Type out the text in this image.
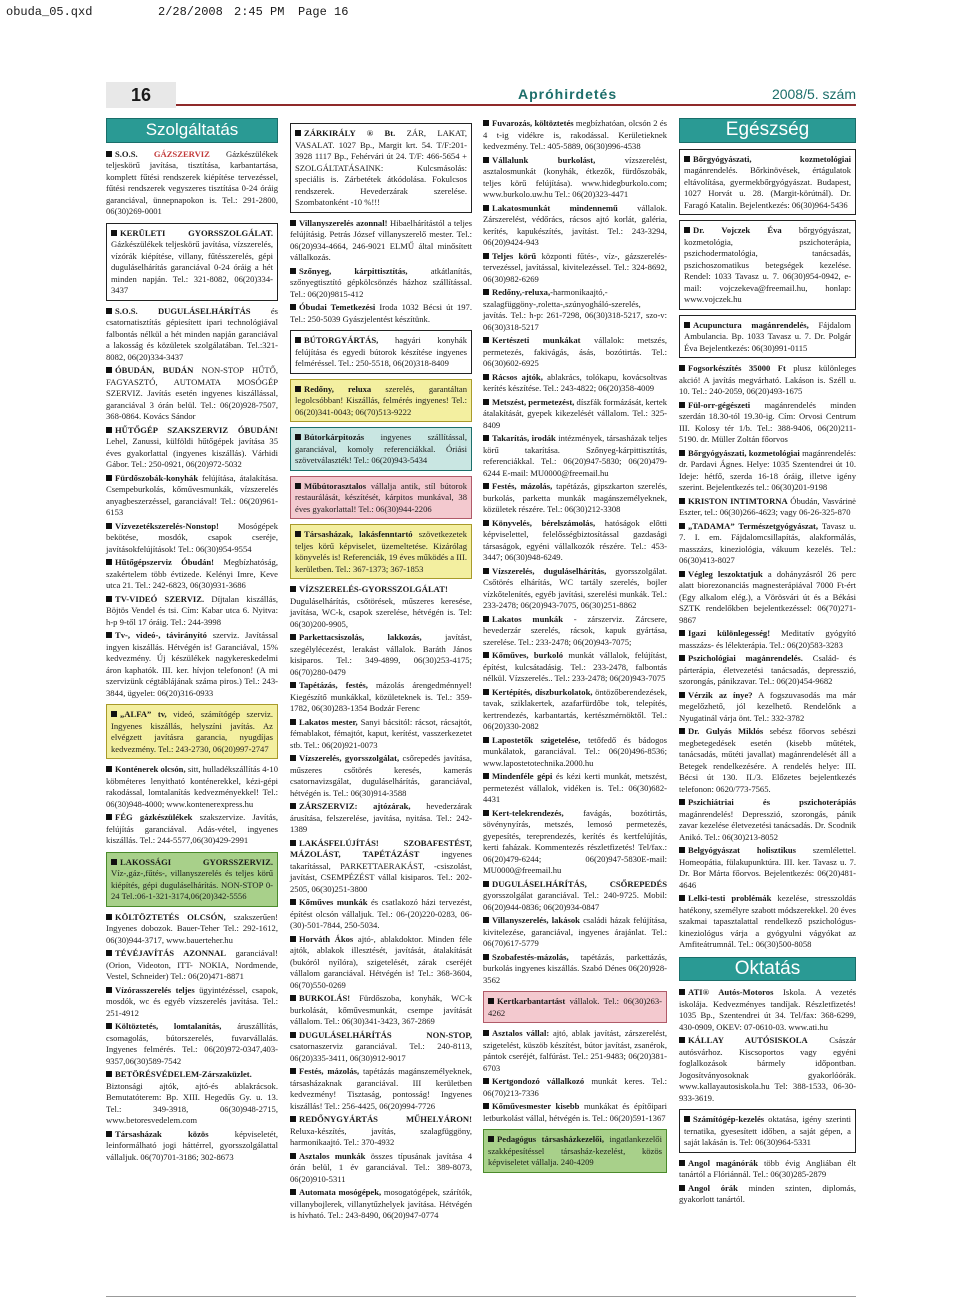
obuda_05.qxd	2/28/2008 2:45 PM Page 16
16	Apróhirdetés	2008/5. szám
Szolgáltatás
S.O.S. GÁZSZERVIZ Gázkészülékek teljeskörű javítása, tisztítása, karbantartása, komplett fűtési rendszerek kiépítése tervezéssel, fűtési rendszerek vegyszeres tisztítása 0-24 óráig garanciával, ünnepnapokon is. Tel.: 291-2800, 06(30)269-0001
KERÜLETI GYORSSZOLGÁLAT. Gázkészülékek teljeskörű javítása, vízszerelés, vízórák kiépítése, villany, fűtésszerelés, gépi duguláselhárítás garanciával 0-24 óráig a hét minden napján. Tel.: 321-8082, 06(20)334-3437
S.O.S. DUGULÁSELHÁRÍTÁS és csatornatisztítás gépiesített ipari technológiával falbontás nélkül a hét minden napján garanciával a lakosság és közületek szolgálatában. Tel.:321-8082, 06(20)334-3437
ÓBUDÁN, BUDÁN NON-STOP HŰTŐ, FAGYASZTÓ, AUTOMATA MOSÓGÉP SZERVIZ. Javítás esetén ingyenes kiszállással, garanciával 3 órán belül. Tel.: 06(20)928-7507, 368-0864. Kovács Sándor
HŰTŐGÉP SZAKSZERVIZ ÓBUDÁN! Lehel, Zanussi, külföldi hűtőgépek javítása 35 éves gyakorlattal (ingyenes kiszállás). Várhidi Gábor. Tel.: 250-0921, 06(20)972-5032
Fürdőszobák-konyhák felújítása, átalakítása. Csempeburkolás, kőművesmunkák, vízszerelés anyagbeszerzéssel, garanciával! Tel.: 06(20)961-6153
Vízvezetékszerelés-Nonstop! Mosógépek bekötése, mosdók, csapok cseréje, javításokfelújítások! Tel.: 06(30)954-9554
Hűtőgépszerviz Óbudán! Megbízhatóság, szakértelem több évtizede. Kelényi Imre, Keve utca 21. Tel.: 242-6823, 06(30)931-3686
TV-VIDEÓ SZERVIZ. Díjtalan kiszállás, Böjtös Vendel és tsi. Cím: Kabar utca 6. Nyitva: h-p 9-től 17 óráig. Tel.: 244-3998
Tv-, videó-, távirányító szerviz. Javítással ingyen kiszállás. Hétvégén is! Garanciával, 15% kedvezmény. Új készülékek nagykereskedelmi áron kaphatók. III. ker. hívjon telefonon! (A mi szervizünk cégtáblájának száma piros.) Tel.: 243-3844, ügyelet: 06(20)316-0933
„ALFA” tv, videó, számítógép szerviz. Ingyenes kiszállás, helyszíni javítás. Az elvégzett javításra garancia, nyugdíjas kedvezmény. Tel.: 243-2730, 06(20)997-2747
Konténerek olcsón, sitt, hulladékszállítás 4-10 köbméteres lenyitható konténerekkel, kézi-gépi rakodással, lomtalanítás kedvezményekkel! Tel.: 06(30)948-4000; www.kontenerexpress.hu
FÉG gázkészülékek szakszervize. Javítás, felújítás garanciával. Adás-vétel, ingyenes kiszállás. Tel.: 244-5577,06(30)429-2991
LAKOSSÁGI GYORSSZERVIZ. Víz-,gáz-,fűtés-, villanyszerelés és teljes körű kiépítés, gépi duguláselhárítás. NON-STOP 0-24 Tel.:06-1-321-3174,06(20)342-5556
KÖLTÖZTETÉS OLCSÓN, szakszerűen! Ingyenes dobozok. Bauer-Teher Tel.: 292-1612, 06(30)944-3717, www.bauerteher.hu
TÉVÉJAVÍTÁS AZONNAL garanciával! (Orion, Videoton, ITT- NOKIA, Nordmende, Vestel, Schneider) Tel.: 06(20)471-8871
Vízórasszerelés teljes ügyintézéssel, csapok, mosdók, wc és egyéb vízszerelés javítása. Tel.: 251-4912
Költöztetés, lomtalanítás, áruszállítás, csomagolás, bútorszerelés, fuvarvállalás. Ingyenes felmérés. Tel.: 06(20)972-0347,403-9357,06(30)589-7542
BETÖRÉSVÉDELEM-Zárszaküzlet. Biztonsági ajtók, ajtó-és ablakrácsok. Bemutatóterem: Bp. XIII. Hegedűs Gy. u. 13. Tel.: 349-3918, 06(30)948-2715, www.betoresvedelem.com
Társasházak közös képviseletét, leinformálható jogi háttérrel, gyorsszolgálattal vállaljuk. 06(70)701-3186; 302-8673
ZÁRKIRÁLY ® Bt. ZÁR, LAKAT, VASALAT. 1027 Bp., Margit krt. 54. T/F:201-3928 1117 Bp., Fehérvári út 24. T/F: 466-5654 + SZOLGÁLTATÁSAINK: Kulcsmásolás: speciális is. Zárbetétek átkódolása. Fokulcsos rendszerek. Hevederzárak szerelése. Szombatonként -10 %!!!
Villanyszerelés azonnal! Hibaelhárítástól a teljes felújításig. Petrás József villanyszerelő mester. Tel.: 06(20)934-4664, 246-9021 ELMŰ által minősített vállalkozás.
Szőnyeg, kárpittisztítás, atkátlanítás, szőnyegtisztító gépkölcsönzés házhoz szállítással. Tel.: 06(20)9815-412
Óbudai Temetkezési Iroda 1032 Bécsi út 197. Tel.: 250-5039 Gyászjelentést készítünk.
BÚTORGYÁRTÁS, hagyári konyhák felújítása és egyedi bútorok készítése ingyenes felméréssel. Tel.: 250-5518, 06(20)318-8409
Redőny, reluxa szerelés, garantáltan legolcsóbban! Kiszállás, felmérés ingyenes! Tel.: 06(20)341-0043; 06(70)513-9222
Bútorkárpitozás ingyenes szállítással, garanciával, komoly referenciákkal. Óriási szövetválaszték! Tel.: 06(20)943-5434
Műbútorasztalos vállalja antik, stíl bútorok restaurálását, készítését, kárpitos munkával, 38 éves gyakorlattal! Tel.: 06(30)944-2206
Társasházak, lakásfenntartó szövetkezetek teljes körű képviselet, üzemeltetése. Kizárólag könyvelés is! Referenciák, 19 éves működés a III. kerületben. Tel.: 367-1373; 367-1853
VÍZSZERELÉS-GYORSSZOLGÁLAT! Duguláselhárítás, csőtörések, műszeres keresése, javítása, WC-k, csapok szerelése, hétvégén is. Tel: 06(30)200-9905,
Parkettacsiszolás, lakkozás, javítást, szegélylécezést, lerakást vállalok. Baráth János kisiparos. Tel.: 349-4899, 06(30)253-4175; 06(70)280-0479
Tapétázás, festés, mázolás árengedménnyel! Kiegészítő munkákkal, közületeknek is. Tel.: 359-1782, 06(30)283-1354 Bodzár Ferenc
Lakatos mester, Sanyi bácsitól: rácsot, rácsajtót, fémablakot, fémajtót, kaput, kerítést, vasszerkezetet stb. Tel.: 06(20)921-0073
Vízszerelés, gyorsszolgálat, csőrepedés javítása, műszeres csőtörés keresés, kamerás csatornavizsgálat, duguláselhárítás, garanciával, hétvégén is. Tel.: 06(30)914-3588
ZÁRSZERVIZ: ajtózárak, hevederzárak árusítása, felszerelése, javítása, nyitása. Tel.: 242-1389
LAKÁSFELÚJÍTÁS! SZOBAFESTÉST, MÁZOLÁST, TAPÉTÁZÁST ingyenes takarítással, PARKETTAERAKÁST, -csiszolást, javítást, CSEMPÉZÉST vállal kisiparos. Tel.: 202-2505, 06(30)251-3800
Kőműves munkák és csatlakozó házi tervezést, építést olcsón vállaljuk. Tel.: 06-(20)220-0283, 06-(30)-501-7844, 250-5034.
Horváth Ákos ajtó-, ablakdoktor. Minden féle ajtók, ablakok illesztését, javítását, átalakítását (bukóról nyílóra), szigetelését, zárak cseréjét vállalom garanciával. Hétvégén is! Tel.: 368-3604, 06(70)550-0269
BURKOLÁS! Fürdőszoba, konyhák, WC-k burkolását, kőművesmunkát, csempe javítását vállalom. Tel.: 06(30)341-3423, 367-2869
DUGULÁSELHÁRÍTÁS NON-STOP, csatornaszerviz garanciával. Tel.: 240-8113, 06(20)335-3411, 06(30)912-9017
Festés, mázolás, tapétázás magánszemélyeknek, társasházaknak garanciával. III kerületben kedvezmény! Tisztaság, pontosság! Ingyenes kiszállás! Tel.: 256-4425, 06(20)994-7726
REDŐNYGYÁRTÁS MŰHELYÁRON! Reluxa-készítés, javítás, szalagfüggöny, harmonikaajtó. Tel.: 370-4932
Asztalos munkák összes típusának javítása 4 órán belül, 1 év garanciával. Tel.: 389-8073, 06(20)910-5311
Automata mosógépek, mosogatógépek, szárítók, villanybojlerek, villanytűzhelyek javítása. Hétvégén is hívható. Tel.: 243-8490, 06(20)947-0774
Fuvarozás, költöztetés megbízhatóan, olcsón 2 és 4 t-ig vidékre is, rakodással. Kerületieknek kedvezmény. Tel.: 405-5889, 06(30)996-4538
Vállalunk burkolást, vízszerelést, asztalosmunkát (konyhák, étkezők, fürdőszobák, teljes körű felújítása). www.hidegburkolo.com; www.burkolo.uw.hu Tel.: 06(20)323-4471
Lakatosmunkát mindennemű vállalok. Zárszerelést, védőrács, rácsos ajtó korlát, galéria, kerítés, kapukészítés, javítást. Tel.: 243-3294, 06(20)9424-943
Teljes körű központi fűtés-, víz-, gázszerelés-tervezéssel, javítással, kivitelezéssel. Tel.: 324-8692, 06(30)982-6269
Redőny,-reluxa,-harmonikaajtó,-szalagfüggöny-,roletta-,szúnyogháló-szerelés, javítás. Tel.: h-p: 261-7298, 06(30)318-5217, szo-v: 06(30)318-5217
Kertészeti munkákat vállalok: metszés, permetezés, fakivágás, ásás, bozótirtás. Tel.: 06(30)602-6925
Rácsos ajtók, ablakrács, tolókapu, kovácsoltvas kerítés készítése. Tel.: 243-4822; 06(20)358-4009
Metszést, permetezést, díszfák formázását, kertek átalakítását, gyepek kikezelését vállalom. Tel.: 325-8409
Takarítás, irodák intézmények, társasházak teljes körű takarítása. Szőnyeg-kárpittisztítás, referenciákkal. Tel.: 06(20)947-5830; 06(20)479-6244 E-mail: MU0000@freemail.hu
Festés, mázolás, tapétázás, gipszkarton szerelés, burkolás, parketta munkák magánszemélyeknek, közületek részére. Tel.: 06(30)212-3308
Könyvelés, bérelszámolás, hatóságok előtti képviselettel, felelősségbiztosítással gazdasági társaságok, egyéni vállalkozók részére. Tel.: 453-3447; 06(30)948-6249.
Vízszerelés, duguláselhárítás, gyorsszolgálat. Csőtörés elhárítás, WC tartály szerelés, bojler vízkőtelenítés, egyéb javítási, szerelési munkák. Tel.: 233-2478; 06(20)943-7075, 06(30)251-8862
Lakatos munkák - zárszerviz. Zárcsere, hevederzár szerelés, rácsok, kapuk gyártása, szerelése. Tel.: 233-2478; 06(20)943-7075;
Kőműves, burkoló munkát vállalok, felújítást, építést, kulcsátadásig. Tel.: 233-2478, falbontás nélkül. Vízszerelés.. Tel.: 233-2478; 06(20)943-7075
Kertépítés, díszburkolatok, öntözőberendezések, tavak, sziklakertek, azafarfürdőbe tok, telepítés, kertrendezés, karbantartás, kertészmérnöktől. Tel.: 06(20)330-2082
Lapostetők szigetelése, tetőfedő és bádogos munkálatok, garanciával. Tel.: 06(20)496-8536; www.lapostetotechnika.2000.hu
Mindenféle gépi és kézi kerti munkát, metszést, permetezést vállalok, vidéken is. Tel.: 06(30)682-4431
Kert-telekrendezés, favágás, bozótirtás, sövénynyírás, metszés, lemosó permetezés, gyepesítés, tereprendezés, kerítés és kertfelújítás, kerti faházak. Kommentezés részletfizetés! Tel/fax.: 06(20)479-6244; 06(20)947-5830E-mail: MU0000@freemail.hu
DUGULÁSELHÁRÍTÁS, CSŐREPEDÉS gyorsszolgálat garanciával. Tel.: 240-9725. Mobil: 06(20)944-0836; 06(20)934-0847
Villanyszerelés, lakások családi házak felújítása, kivitelezése, garanciával, ingyenes árajánlat. Tel.: 06(70)617-5779
Szobafestés-mázolás, tapétázás, parkettázás, burkolás ingyenes kiszállás. Szabó Dénes 06(20)928-3562
Kertkarbantartást vállalok. Tel.: 06(30)263-4262
Asztalos vállal: ajtó, ablak javítást, zárszerelést, szigetelést, küszöb készítést, bútor javítást, zsanérok, pántok cseréjét, falfúrást. Tel.: 251-9483; 06(20)381-6703
Kertgondozó vállalkozó munkát keres. Tel.: 06(70)213-7336
Kőművesmester kisebb munkákat és építőipari letburkolást vállal, hétvégén is. Tel.: 06(20)591-1367
Pedagógus társasházkezelői, ingatlankezelői szakképesítéssel társasház-kezelést, közös képviseletet vállalja. 240-4209
Egészség
Bőrgyógyászati, kozmetológiai magánrendelés. Bőrkinövések, értágulatok eltávolítása, gyermekbőrgyógyászat. Budapest, 1027 Horvát u. 28. (Margit-körútnál). Dr. Faragó Katalin. Bejelentkezés: 06(30)964-5436
Dr. Vojczek Éva bőrgyógyászat, kozmetológia, pszichoterápia, pszichodermatológia, tanácsadás, pszichoszomatikus betegségek kezelése. Rendel: 1033 Tavasz u. 7. 06(30)954-0942, e-mail: vojczekeva@freemail.hu, honlap: www.vojczek.hu
Acupunctura magánrendelés, Fájdalom Ambulancia. Bp. 1033 Tavasz u. 7. Dr. Polgár Éva Bejelentkezés: 06(30)991-0115
Fogsorkészítés 35000 Ft plusz különleges akció! A javítás megvárható. Lakáson is. Széll u. 10. Tel.: 240-2059, 06(20)493-1675
Fül-orr-gégészeti magánrendelés minden szerdán 18.30-tól 19.30-ig. Cím: Orvosi Centrum III. Kolosy tér 1/b. Tel.: 388-9406, 06(20)211-5190. dr. Müller Zoltán főorvos
Bőrgyógyászati, kozmetológiai magánrendelés: dr. Pardavi Ágnes. Helye: 1035 Szentendrei út 10. Ideje: hétfő, szerda 16-18 óráig, illetve igény szerint. Bejelentkezés tel.: 06(30)201-9198
KRISTON INTIMTORNA Óbudán, Vasvárinė Eszter, tel.: 06(30)266-4623; vagy 06-26-325-870
„TADAMA” Természetgyógyászat, Tavasz u. 7. I. em. Fájdalomcsillapítás, alakformálás, masszázs, kineziológia, vákuum kezelés. Tel.: 06(30)413-8027
Végleg leszoktatjuk a dohányzásról 26 perc alatt biorezonanciás magnesterápiával 7000 Ft-ért (Egy alkalom elég.), a Vörösvári út és a Békási SZTK rendelőkben bejelentkezéssel: 06(70)271-9867
Igazi különlegesség! Meditatív gyógyító masszázs- és lélekterápia. Tel.: 06(20)583-3283
Pszichológiai magánrendelés. Család- és párterápia, életvezetési tanácsadás, depresszió, szorongás, pánikzavar. Tel.: 06(20)454-9682
Vérzik az ínye? A fogszuvasodás ma már megelőzhető, jól kezelhető. Rendelőnk a Nyugatinál várja önt. Tel.: 332-3782
Dr. Gulyás Miklós sebész főorvos sebészi megbetegedések esetén (kisebb műtétek, tanácsadás, műtéti javallat) magánrendelését áll a Betegek rendelkezésére. A rendelés helye: III. Bécsi út 130. II./3. Előzetes bejelentkezés telefonon: 0620/773-7565.
Pszichiátriai és pszichoterápiás magánrendelés! Depresszió, szorongás, pánik zavar kezelése életvezetési tanácsadás. Dr. Scodnik Anikó. Tel.: 06(30)213-8052
Belgyógyászat holisztikus szemlélettel. Homeopátia, fülakupunktúra. III. ker. Tavasz u. 7. Dr. Bor Márta főorvos. Bejelentkezés: 06(20)481-4646
Lelki-testi problémák kezelése, stresszoldás hatékony, személyre szabott módszerekkel. 20 éves szakmai tapasztalattal rendelkező pszichológus-kineziológus várja a gyógyulni vágyókat az Amfiteátrumnál. Tel.: 06(30)500-8058
Oktatás
ATI® Autós-Motoros Iskola. A vezetés iskolája. Kedvezményes tandíjak. Részletfizetés! 1035 Bp., Szentendrei út 34. Tel/fax: 368-6299, 430-0909, OKEV: 07-0610-03. www.ati.hu
KÁLLAY AUTÓSISKOLA Császár autósvárhoz. Kiscsoportos vagy egyéni foglalkozások bármely időpontban. Jogosítványosoknak gyakorlóórák. www.kallayautosiskola.hu Tel: 388-1533, 06-30-933-3619.
Számítógép-kezelés oktatása, igény szerinti ternatika, gyesesített időben, a saját gépen, a saját lakásán is. Tel: 06(30)964-5331
Angol magánórák több évig Angliában élt tanártól a Flóriánnál. Tel.: 06(30)285-2879
Angol órák minden szinten, diplomás, gyakorlott tanártól.
